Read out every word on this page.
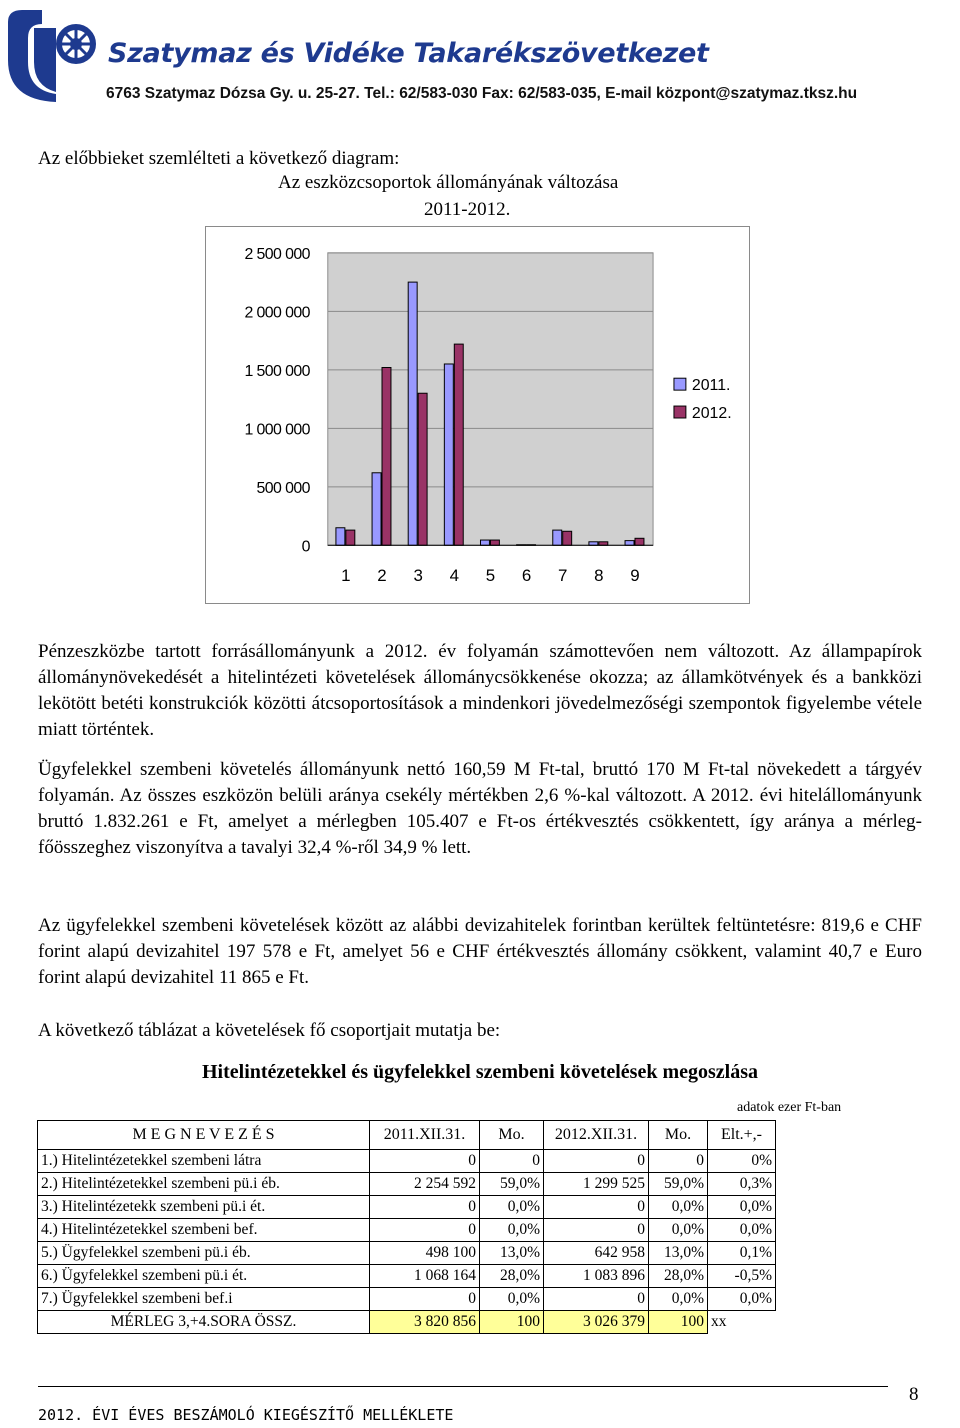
Szatymaz és Vidéke Takarékszövetkezet
6763 Szatymaz Dózsa Gy. u. 25-27. Tel.: 62/583-030 Fax: 62/583-035, E-mail központ@szatymaz.tksz.hu
Az előbbieket szemlélteti a következő diagram:
Az eszközcsoportok állományának változása
2011-2012.
0
500 000
1 000 000
1 500 000
2 000 000
2 500 000
1 2 3 4 5 6 7 8 9
2011.
2012.
Pénzeszközbe tartott forrásállományunk a 2012. év folyamán számottevően nem változott. Az állampapírok állománynövekedését a hitelintézeti követelések állománycsökkenése okozza; az államkötvények és a bankközi lekötött betéti konstrukciók közötti átcsoportosítások a mindenkori jövedelmezőségi szempontok figyelembe vétele miatt történtek.
Ügyfelekkel szembeni követelés állományunk nettó 160,59 M Ft-tal, bruttó 170 M Ft-tal növekedett a tárgyév folyamán. Az összes eszközön belüli aránya csekély mértékben 2,6 %-kal változott. A 2012. évi hitelállományunk bruttó 1.832.261 e Ft, amelyet a mérlegben 105.407 e Ft-os értékvesztés csökkentett, így aránya a mérleg-főösszeghez viszonyítva a tavalyi 32,4 %-ről 34,9 % lett.
Az ügyfelekkel szembeni követelések között az alábbi devizahitelek forintban kerültek feltüntetésre: 819,6 e CHF forint alapú devizahitel 197 578 e Ft, amelyet 56 e CHF értékvesztés állomány csökkent, valamint 40,7 e Euro forint alapú devizahitel 11 865 e Ft.
A következő táblázat a követelések fő csoportjait mutatja be:
Hitelintézetekkel és ügyfelekkel szembeni követelések megoszlása
adatok ezer Ft-ban
M E G N E V E Z É S	2011.XII.31.	Mo.	2012.XII.31.	Mo.	Elt.+,-
1.) Hitelintézetekkel szembeni látra	0	0	0	0	0%
2.) Hitelintézetekkel szembeni pü.i éb.	2 254 592	59,0%	1 299 525	59,0%	0,3%
3.) Hitelintézetekk szembeni pü.i ét.	0	0,0%	0	0,0%	0,0%
4.) Hitelintézetekkel szembeni bef.	0	0,0%	0	0,0%	0,0%
5.) Ügyfelekkel szembeni pü.i éb.	498 100	13,0%	642 958	13,0%	0,1%
6.) Ügyfelekkel szembeni pü.i ét.	1 068 164	28,0%	1 083 896	28,0%	-0,5%
7.) Ügyfelekkel szembeni bef.i	0	0,0%	0	0,0%	0,0%
MÉRLEG 3,+4.SORA ÖSSZ.	3 820 856	100	3 026 379	100	xx
2012. ÉVI ÉVES BESZÁMOLÓ KIEGÉSZÍTŐ MELLÉKLETE
8
